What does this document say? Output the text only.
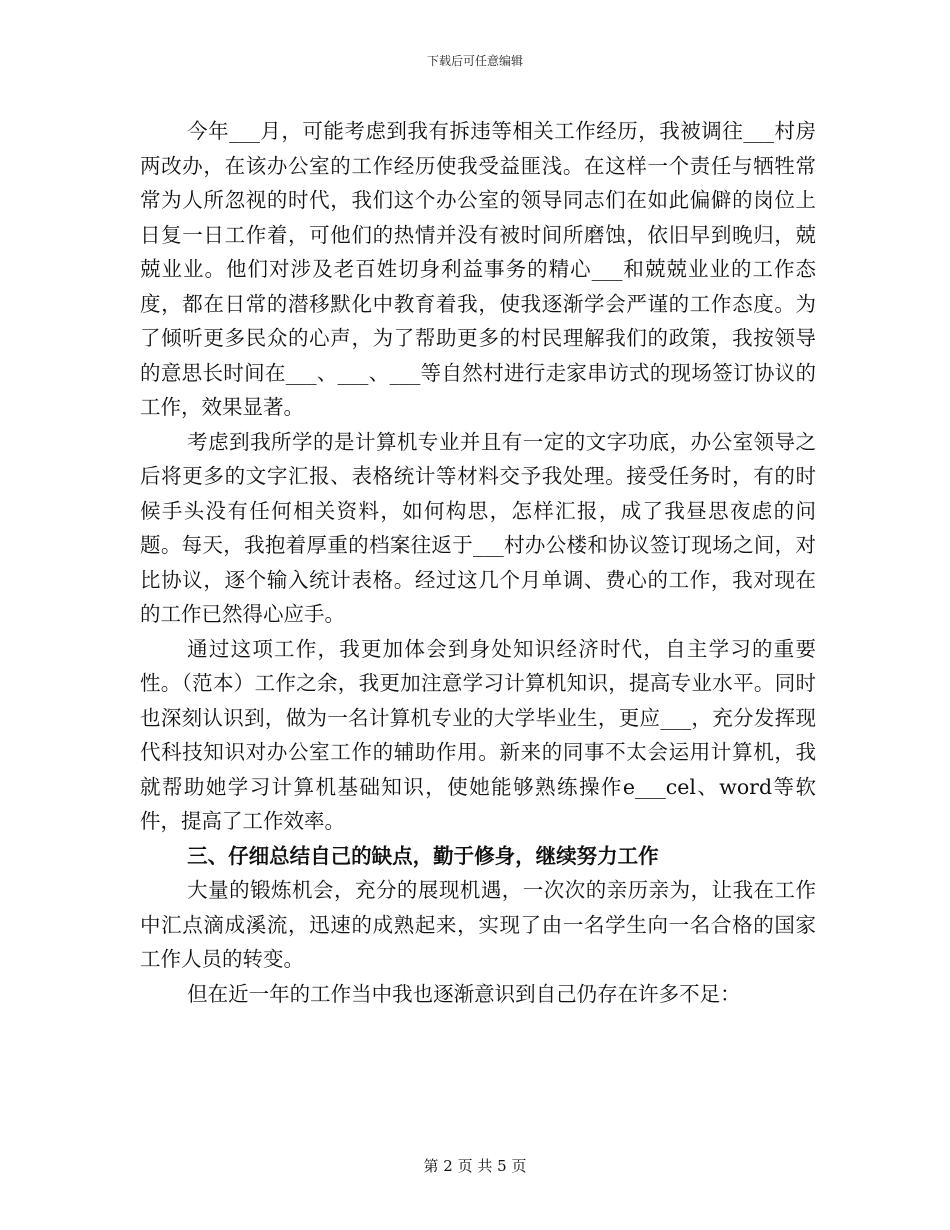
下载后可任意编辑

今年___月，可能考虑到我有拆违等相关工作经历，我被调往___村房两改办，在该办公室的工作经历使我受益匪浅。在这样一个责任与牺牲常常为人所忽视的时代，我们这个办公室的领导同志们在如此偏僻的岗位上日复一日工作着，可他们的热情并没有被时间所磨蚀，依旧早到晚归，兢兢业业。他们对涉及老百姓切身利益事务的精心___和兢兢业业的工作态度，都在日常的潜移默化中教育着我，使我逐渐学会严谨的工作态度。为了倾听更多民众的心声，为了帮助更多的村民理解我们的政策，我按领导的意思长时间在___、___、___等自然村进行走家串访式的现场签订协议的工作，效果显著。

考虑到我所学的是计算机专业并且有一定的文字功底，办公室领导之后将更多的文字汇报、表格统计等材料交予我处理。接受任务时，有的时候手头没有任何相关资料，如何构思，怎样汇报，成了我昼思夜虑的问题。每天，我抱着厚重的档案往返于___村办公楼和协议签订现场之间，对比协议，逐个输入统计表格。经过这几个月单调、费心的工作，我对现在的工作已然得心应手。

通过这项工作，我更加体会到身处知识经济时代，自主学习的重要性。（范本）工作之余，我更加注意学习计算机知识，提高专业水平。同时也深刻认识到，做为一名计算机专业的大学毕业生，更应___，充分发挥现代科技知识对办公室工作的辅助作用。新来的同事不太会运用计算机，我就帮助她学习计算机基础知识，使她能够熟练操作e___cel、word等软件，提高了工作效率。

三、仔细总结自己的缺点，勤于修身，继续努力工作

大量的锻炼机会，充分的展现机遇，一次次的亲历亲为，让我在工作中汇点滴成溪流，迅速的成熟起来，实现了由一名学生向一名合格的国家工作人员的转变。

但在近一年的工作当中我也逐渐意识到自己仍存在许多不足：

第 2 页 共 5 页
